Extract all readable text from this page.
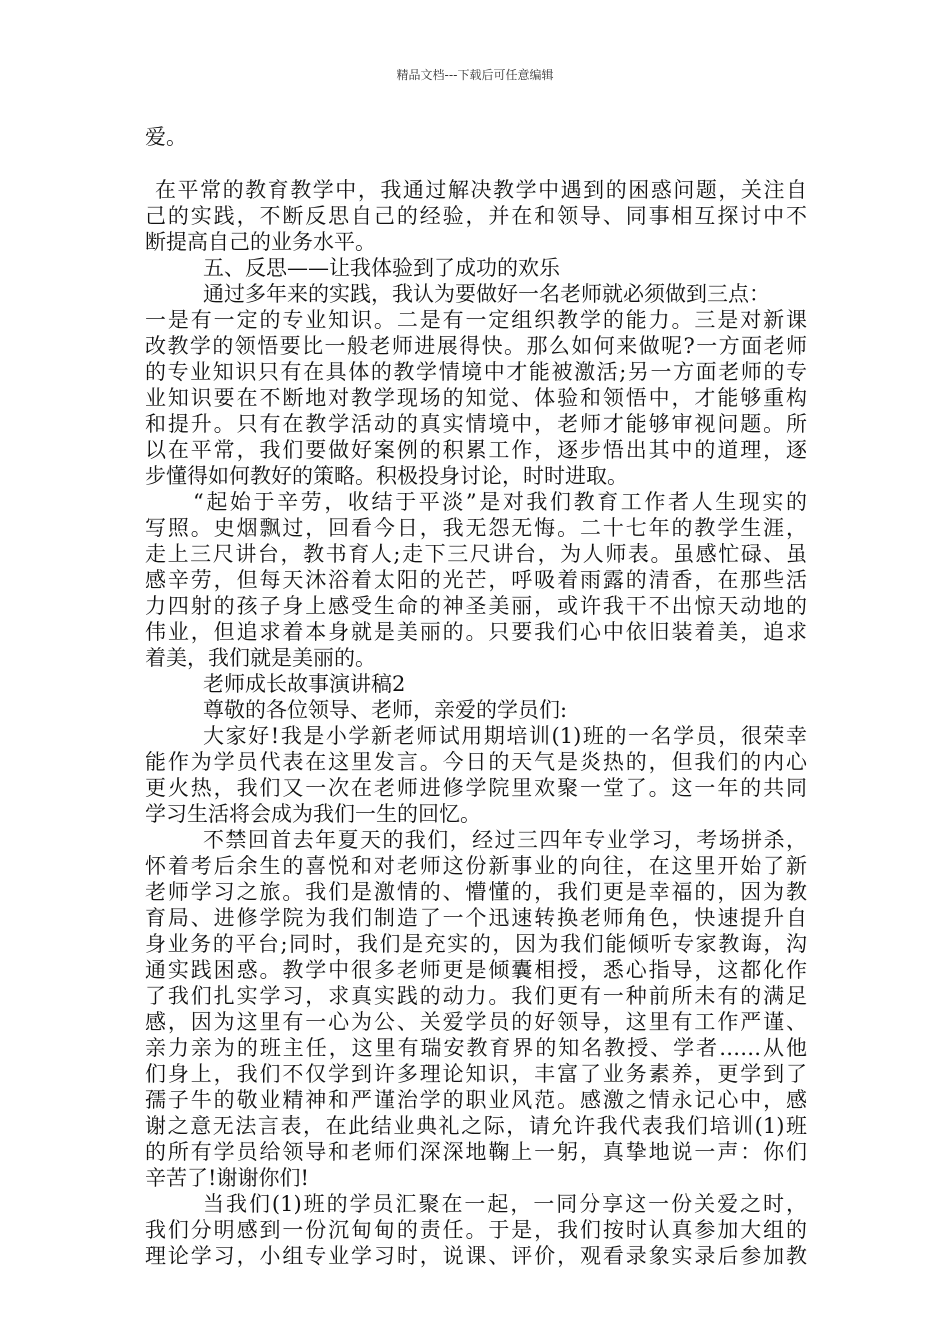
精品文档---下载后可任意编辑
爱。
在平常的教育教学中，我通过解决教学中遇到的困惑问题，关注自
己的实践，不断反思自己的经验，并在和领导、同事相互探讨中不
断提高自己的业务水平。
五、反思——让我体验到了成功的欢乐
通过多年来的实践，我认为要做好一名老师就必须做到三点：
一是有一定的专业知识。二是有一定组织教学的能力。三是对新课
改教学的领悟要比一般老师进展得快。那么如何来做呢?一方面老师
的专业知识只有在具体的教学情境中才能被激活;另一方面老师的专
业知识要在不断地对教学现场的知觉、体验和领悟中，才能够重构
和提升。只有在教学活动的真实情境中，老师才能够审视问题。所
以在平常，我们要做好案例的积累工作，逐步悟出其中的道理，逐
步懂得如何教好的策略。积极投身讨论，时时进取。
“起始于辛劳，收结于平淡”是对我们教育工作者人生现实的
写照。史烟飘过，回看今日，我无怨无悔。二十七年的教学生涯，
走上三尺讲台，教书育人;走下三尺讲台，为人师表。虽感忙碌、虽
感辛劳，但每天沐浴着太阳的光芒，呼吸着雨露的清香，在那些活
力四射的孩子身上感受生命的神圣美丽，或许我干不出惊天动地的
伟业，但追求着本身就是美丽的。只要我们心中依旧装着美，追求
着美，我们就是美丽的。
老师成长故事演讲稿2
尊敬的各位领导、老师，亲爱的学员们:
大家好!我是小学新老师试用期培训(1)班的一名学员，很荣幸
能作为学员代表在这里发言。今日的天气是炎热的，但我们的内心
更火热，我们又一次在老师进修学院里欢聚一堂了。这一年的共同
学习生活将会成为我们一生的回忆。
不禁回首去年夏天的我们，经过三四年专业学习，考场拼杀，
怀着考后余生的喜悦和对老师这份新事业的向往，在这里开始了新
老师学习之旅。我们是激情的、懵懂的，我们更是幸福的，因为教
育局、进修学院为我们制造了一个迅速转换老师角色，快速提升自
身业务的平台;同时，我们是充实的，因为我们能倾听专家教诲，沟
通实践困惑。教学中很多老师更是倾囊相授，悉心指导，这都化作
了我们扎实学习，求真实践的动力。我们更有一种前所未有的满足
感，因为这里有一心为公、关爱学员的好领导，这里有工作严谨、
亲力亲为的班主任，这里有瑞安教育界的知名教授、学者……从他
们身上，我们不仅学到许多理论知识，丰富了业务素养，更学到了
孺子牛的敬业精神和严谨治学的职业风范。感激之情永记心中，感
谢之意无法言表，在此结业典礼之际，请允许我代表我们培训(1)班
的所有学员给领导和老师们深深地鞠上一躬，真挚地说一声：你们
辛苦了!谢谢你们!
当我们(1)班的学员汇聚在一起，一同分享这一份关爱之时，
我们分明感到一份沉甸甸的责任。于是，我们按时认真参加大组的
理论学习，小组专业学习时，说课、评价，观看录象实录后参加教
